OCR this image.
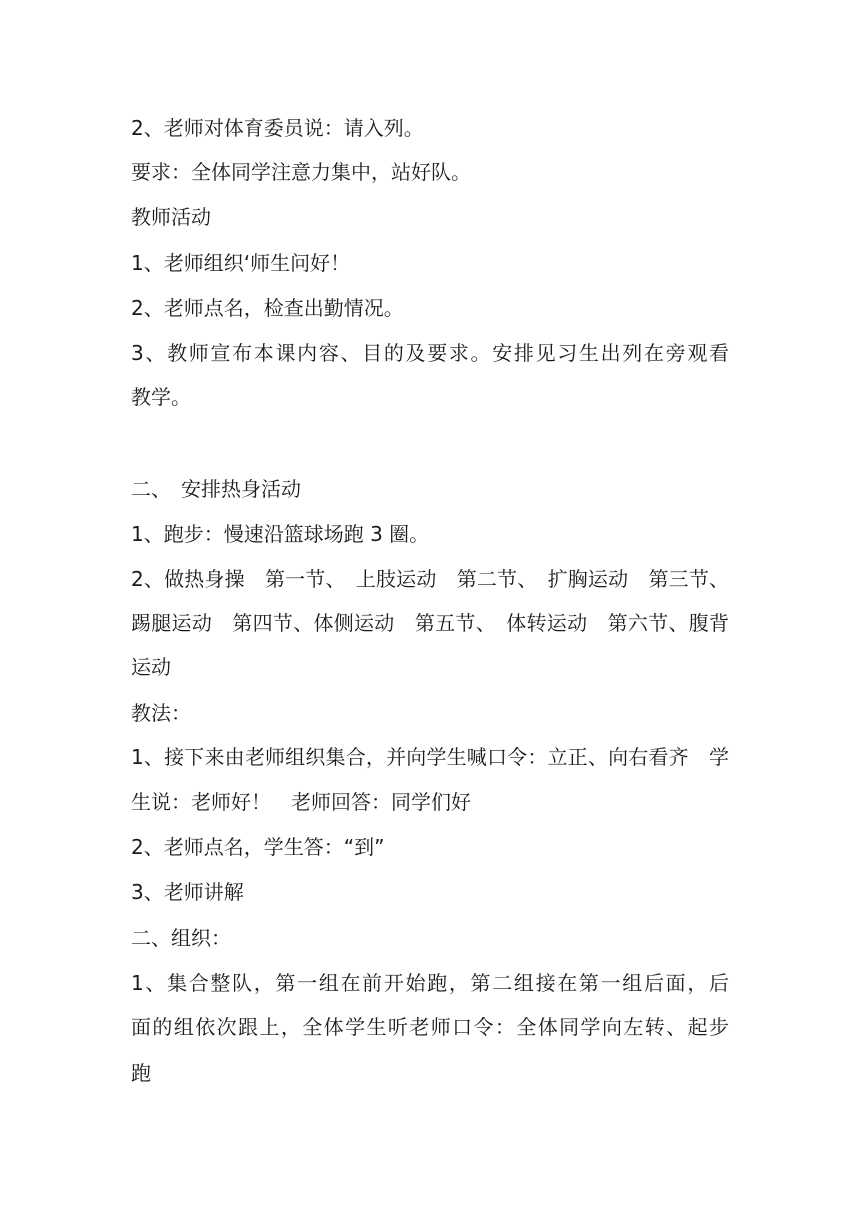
2、老师对体育委员说：请入列。
要求：全体同学注意力集中，站好队。
教师活动
1、老师组织‘师生问好！
2、老师点名，检查出勤情况。
3、教师宣布本课内容、目的及要求。安排见习生出列在旁观看
教学。
二、　安排热身活动
1、跑步：慢速沿篮球场跑 3 圈。
2、做热身操　第一节、　上肢运动　第二节、　扩胸运动　第三节、
踢腿运动　第四节、体侧运动　第五节、　体转运动　第六节、腹背
运动
教法：
1、接下来由老师组织集合，并向学生喊口令：立正、向右看齐　学
生说：老师好！　老师回答：同学们好
2、老师点名，学生答：“到”
3、老师讲解
二、组织：
1、集合整队，第一组在前开始跑，第二组接在第一组后面，后
面的组依次跟上，全体学生听老师口令：全体同学向左转、起步
跑
